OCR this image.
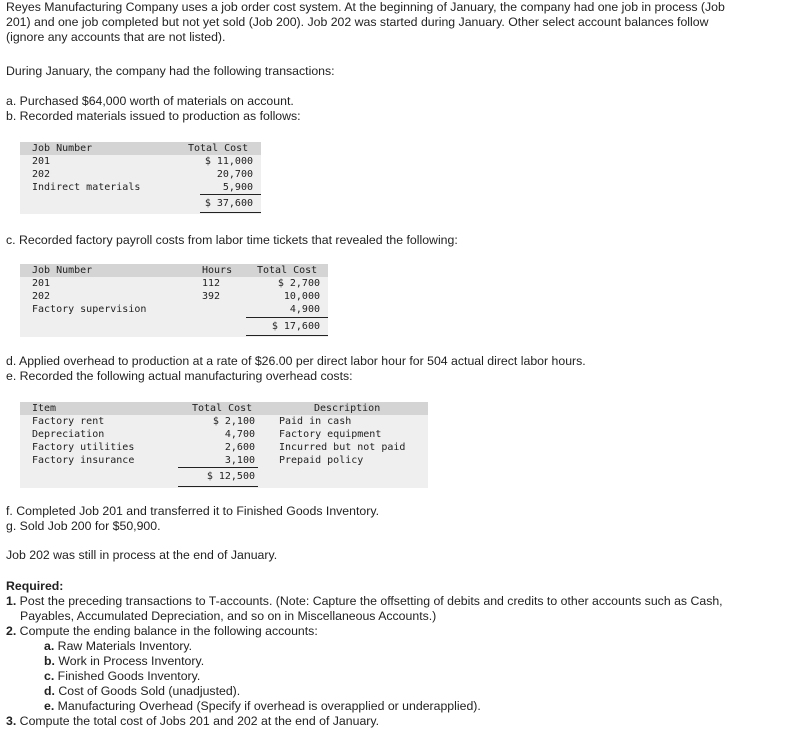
Reyes Manufacturing Company uses a job order cost system. At the beginning of January, the company had one job in process (Job
201) and one job completed but not yet sold (Job 200). Job 202 was started during January. Other select account balances follow
(ignore any accounts that are not listed).
During January, the company had the following transactions:
a. Purchased $64,000 worth of materials on account.
b. Recorded materials issued to production as follows:
Job Number	Total Cost
201	$ 11,000
202	20,700
Indirect materials	5,900
$ 37,600
c. Recorded factory payroll costs from labor time tickets that revealed the following:
Job Number	Hours Total Cost
201	112	$ 2,700
202	392	10,000
Factory supervision	4,900
$ 17,600
d. Applied overhead to production at a rate of $26.00 per direct labor hour for 504 actual direct labor hours.
e. Recorded the following actual manufacturing overhead costs:
Item	Total Cost	Description
Factory rent	$ 2,100 Paid in cash
Depreciation	4,700 Factory equipment
Factory utilities	2,600 Incurred but not paid
Factory insurance	3,100 Prepaid policy
$ 12,500
f. Completed Job 201 and transferred it to Finished Goods Inventory.
g. Sold Job 200 for $50,900.
Job 202 was still in process at the end of January.
Required:
1. Post the preceding transactions to T-accounts. (Note: Capture the offsetting of debits and credits to other accounts such as Cash,
Payables, Accumulated Depreciation, and so on in Miscellaneous Accounts.)
2. Compute the ending balance in the following accounts:
a. Raw Materials Inventory.
b. Work in Process Inventory.
c. Finished Goods Inventory.
d. Cost of Goods Sold (unadjusted).
e. Manufacturing Overhead (Specify if overhead is overapplied or underapplied).
3. Compute the total cost of Jobs 201 and 202 at the end of January.
